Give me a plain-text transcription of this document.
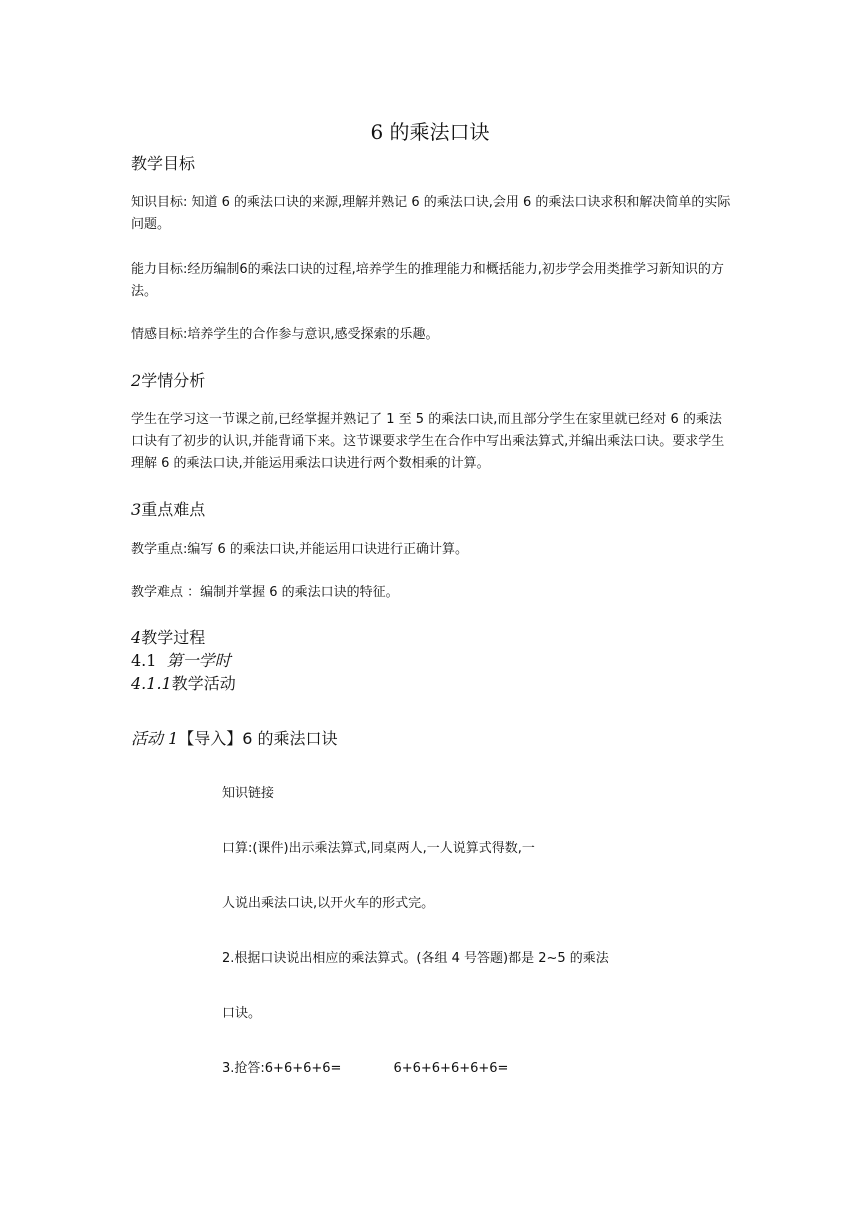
6 的乘法口诀
教学目标
知识目标: 知道 6 的乘法口诀的来源,理解并熟记 6 的乘法口诀,会用 6 的乘法口诀求积和解决简单的实际问题。
能力目标:经历编制6的乘法口诀的过程,培养学生的推理能力和概括能力,初步学会用类推学习新知识的方法。
情感目标:培养学生的合作参与意识,感受探索的乐趣。
2学情分析
学生在学习这一节课之前,已经掌握并熟记了 1 至 5 的乘法口诀,而且部分学生在家里就已经对 6 的乘法口诀有了初步的认识,并能背诵下来。这节课要求学生在合作中写出乘法算式,并编出乘法口诀。要求学生理解 6 的乘法口诀,并能运用乘法口诀进行两个数相乘的计算。
3重点难点
教学重点:编写 6 的乘法口诀,并能运用口诀进行正确计算。
教学难点 ：编制并掌握 6 的乘法口诀的特征。
4教学过程
4.1 第一学时
4.1.1教学活动
活动 1【导入】6 的乘法口诀
知识链接
口算:(课件)出示乘法算式,同桌两人,一人说算式得数,一
人说出乘法口诀,以开火车的形式完。
2.根据口诀说出相应的乘法算式。(各组 4 号答题)都是 2~5 的乘法
口诀。
3.抢答:6+6+6+6=	6+6+6+6+6+6=
